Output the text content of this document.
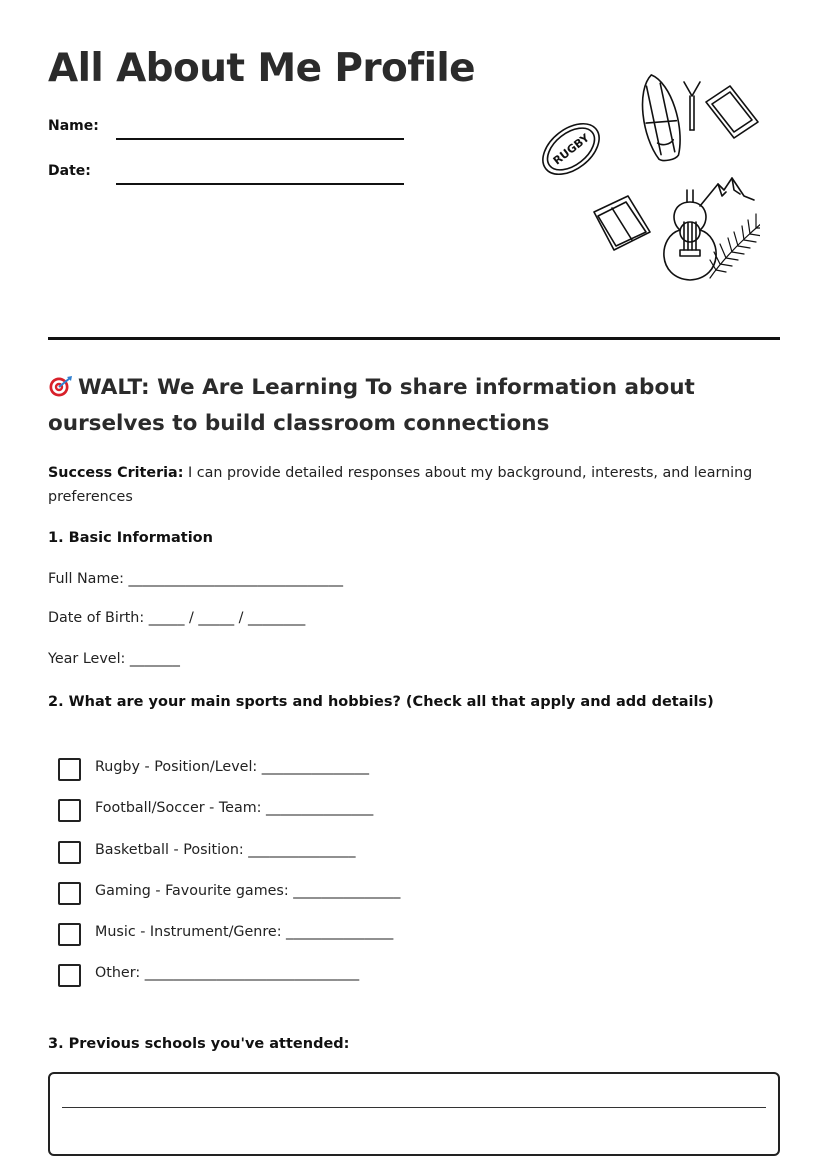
All About Me Profile
Name:
Date:
RUGBY
WALT: We Are Learning To share information about ourselves to build classroom connections
Success Criteria: I can provide detailed responses about my background, interests, and learning preferences
1. Basic Information
Full Name: ______________________________
Date of Birth: _____ / _____ / ________
Year Level: _______
2. What are your main sports and hobbies? (Check all that apply and add details)
Rugby - Position/Level: _______________
Football/Soccer - Team: _______________
Basketball - Position: _______________
Gaming - Favourite games: _______________
Music - Instrument/Genre: _______________
Other: ______________________________
3. Previous schools you've attended:
